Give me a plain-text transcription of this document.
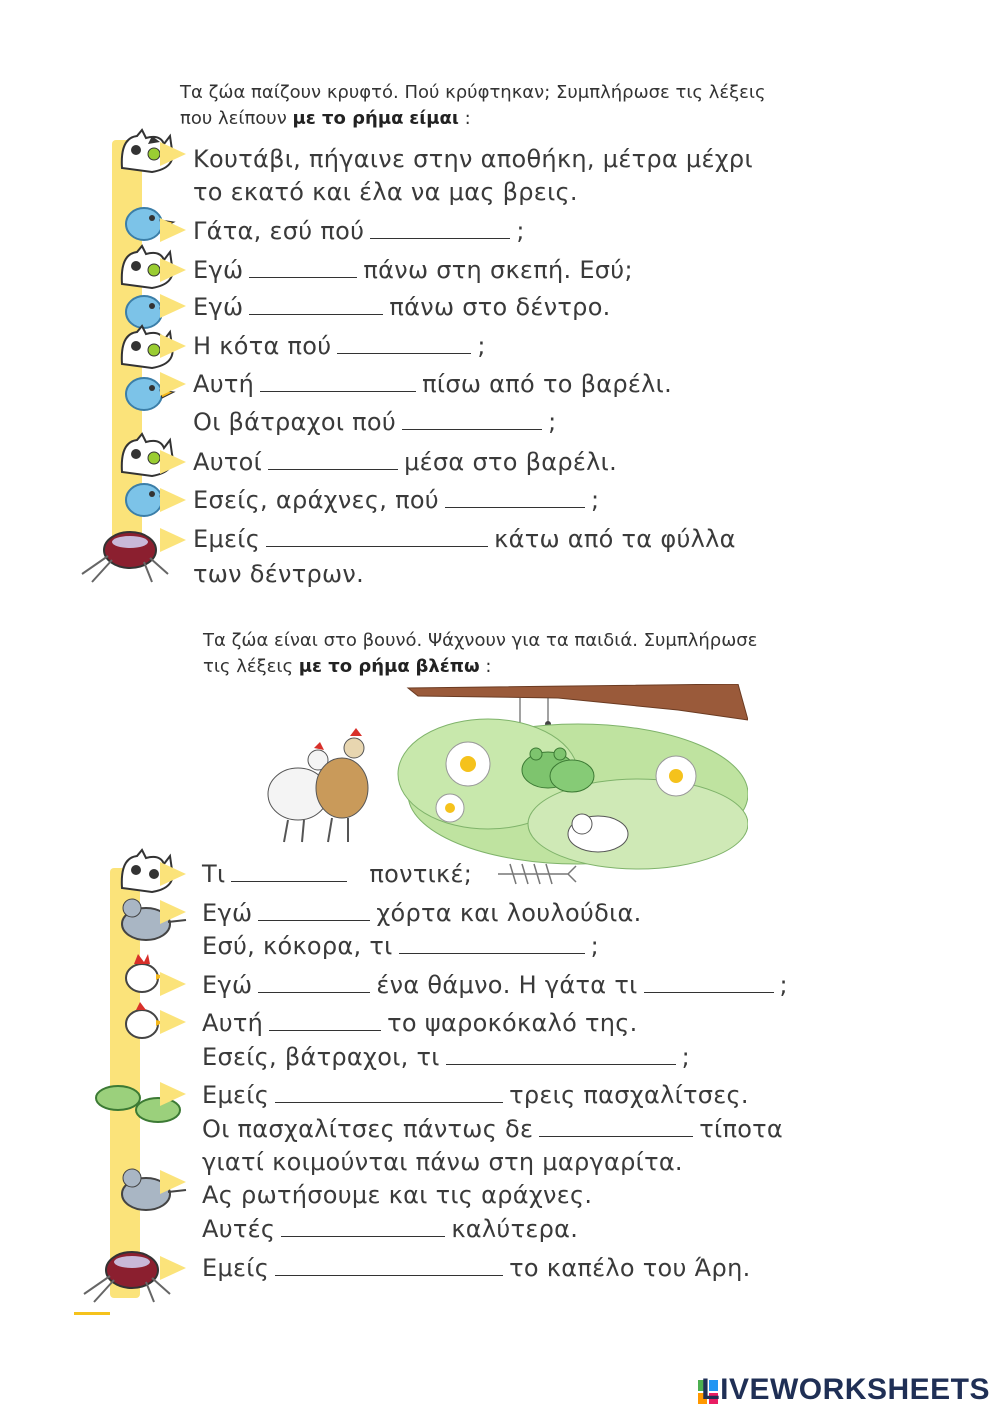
Τα ζώα παίζουν κρυφτό. Πού κρύφτηκαν; Συμπλήρωσε τις λέξεις
που λείπουν με το ρήμα είμαι :
Κουτάβι, πήγαινε στην αποθήκη, μέτρα μέχρι
το εκατό και έλα να μας βρεις.
Γάτα, εσύ πού	;
Εγώ	πάνω στη σκεπή. Εσύ;
Εγώ	πάνω στο δέντρο.
Η κότα πού	;
Αυτή	πίσω από το βαρέλι.
Οι βάτραχοι πού	;
Αυτοί	μέσα στο βαρέλι.
Εσείς, αράχνες, πού	;
Εμείς	κάτω από τα φύλλα
των δέντρων.
Τα ζώα είναι στο βουνό. Ψάχνουν για τα παιδιά. Συμπλήρωσε
τις λέξεις με το ρήμα βλέπω :
Τι	ποντικέ;
Εγώ	χόρτα και λουλούδια.
Εσύ, κόκορα, τι	;
Εγώ	ένα θάμνο. Η γάτα τι	;
Αυτή	το ψαροκόκαλό της.
Εσείς, βάτραχοι, τι	;
Εμείς	τρεις πασχαλίτσες.
Οι πασχαλίτσες πάντως δε	τίποτα
γιατί κοιμούνται πάνω στη μαργαρίτα.
Ας ρωτήσουμε και τις αράχνες.
Αυτές	καλύτερα.
Εμείς	το καπέλο του Άρη.
LIVEWORKSHEETS
